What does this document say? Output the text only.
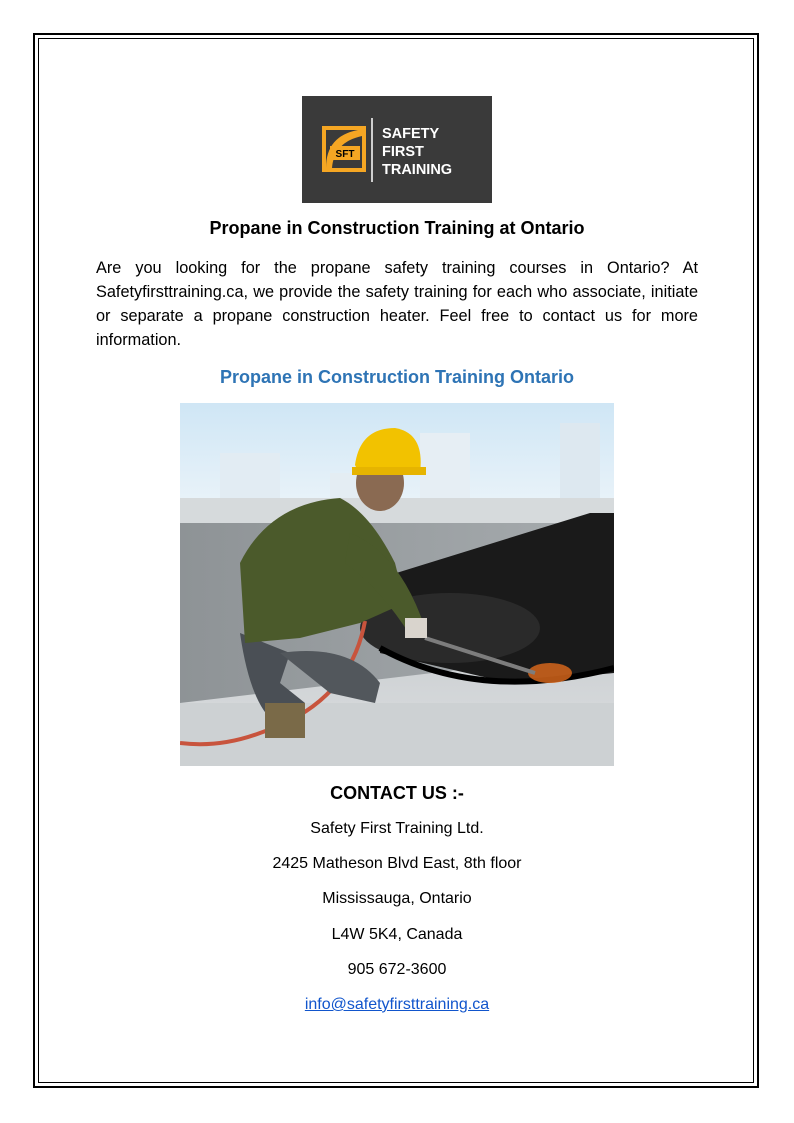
SFT
SAFETY
FIRST
TRAINING
Propane in Construction Training at Ontario

Are you looking for the propane safety training courses in Ontario? At Safetyfirsttraining.ca, we provide the safety training for each who associate, initiate or separate a propane construction heater. Feel free to contact us for more information.

Propane in Construction Training Ontario
CONTACT US :-

Safety First Training Ltd.

2425 Matheson Blvd East, 8th floor

Mississauga, Ontario

L4W 5K4, Canada

905 672-3600

info@safetyfirsttraining.ca
